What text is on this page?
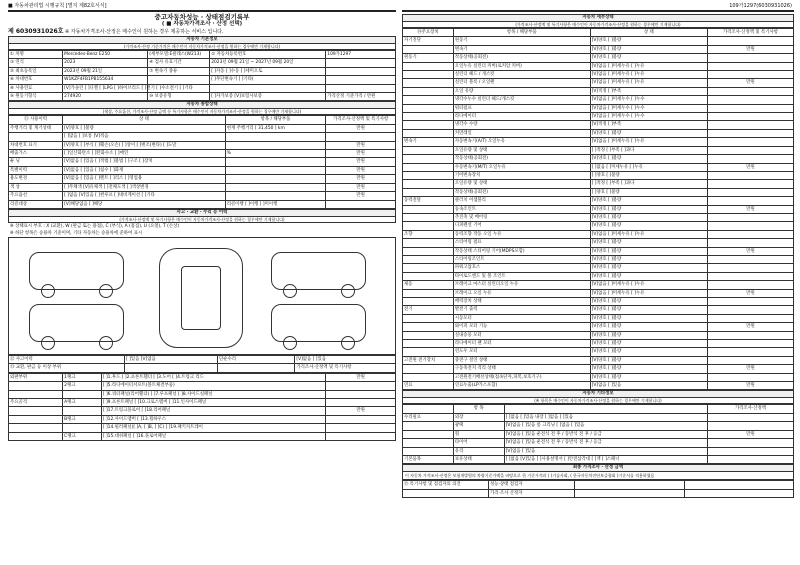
■ 자동차관리법 시행규칙 [별지 제82호서식]	109가1297(6030931026)
중고자동차성능 · 상태점검기록부
( ■ 자동차가격조사 · 산정 선택)
제 6030931026호 ※ 자동차가격조사·산정은 매수인이 원하는 경우 제공하는 서비스 입니다.
자동차 기본정보
(가격조사·산정 기준가격은 매수인이 자동차가격조사·산정을 원하는 경우에만 기재합니다)
① 차명	Mercedes-Benz E250	(세부모델:E클래스(W213)	② 자동차등록번호	109가1297
③ 연식	2023	④ 검사 유효기간	2023년 09월 21일 ~ 2027년 09월 20일	
⑤ 최초등록일	2023년 09월 21일	⑦ 변속기 종류	[ ]자동 [ ]수동 [ ]세미오토	
⑥ 차대번호	W1KZF4FB1PB155634		[ ]무단변속기 [ ]기타(	
⑧ 사용연료	[V]가솔린 [ ]디젤 [ ]LPG [ ]하이브리드 [ ]전기 [ ]수소전기 [ ]기타			
⑨ 원동기형식	274920	⑩ 보증유형	[ ]자가보증 [V]보험사보증	가격산정 기준가격 / 만원
자동차 종합상태
(색상, 주요옵션, 가격조사·산정 금액 등 특기사항은 매수인이 자동차가격조사·산정을 원하는 경우에만 기재합니다)
⑪ 사용이력	상 태	항목 / 해당부품	가격조사·산정액 및 특기사항
주행거리 및 계기상태	[V]양호 [ ]불량	현재 주행거리 [ 31,450 ] km	만원
	[ ]많음 [ ]보통 [V]적음		
차대번호 표기	[V]양호 [ ]부식 [ ]훼손(오손) [ ]상이 [ ]변조(변타) [ ]도말		만원
배출가스	[ ]일산화탄소 [ ]탄화수소 [ ]매연	%	만원
튜 닝	[V]없음 [ ]있음 [ ]적법 [ ]불법 [ ]구조 [ ]장치		만원
특별이력	[V]없음 [ ]있음 [ ]침수 [ ]화재		만원
용도변경	[V]없음 [ ]있음 [ ]렌트 [ ]리스 [ ]영업용		만원
색 상	[ ]무채색 [V]유채색 [ ]전체도색 [ ]색상변경		만원
주요옵션	[ ]없음 [V]있음 [ ]썬루프 [ ]네비게이션 [ ]기타		만원
리콜대상	[V]해당없음 [ ]해당	리콜이행 [ ]이행 [ ]미이행	
사고 · 교환 · 수리 등 이력
(가격조사·산정액 및 특기사항은 매수인이 자동차가격조사·산정을 원하는 경우에만 기재합니다)
※ 상태표시 부호 : X (교환), W (판금 또는 용접), C (부식), A (흠집), U (요철), T (손상)
※ 하단 항목은 승용차 기준이며, 기타 자동차는 승용차에 준하여 표시
⑫ 사고이력	[ ]있음 [V]없음	단순수리	[V]없음 [ ]있음
⑬ 교환, 판금 등 이상 부위			가격조사·산정액 및 특기사항
외판부위	1랭크	[ ]1.후드 [ ]2.프론트휀더 [ ]3.도어 [ ]4.트렁크 리드	만원	
	2랭크	[ ]5.라디에이터서포트(볼트체결부품)		
		[ ]6.쿼터패널(리어휀더) [ ]7.루프패널 [ ]8.사이드실패널		
주요골격	A랭크	[ ]9.프론트패널 [ ]10.크로스멤버 [ ]11.인사이드패널		
		[ ]17.트렁크플로어 [ ]18.리어패널	만원	
	B랭크	[ ]12.사이드멤버 [ ]13.휠하우스		
		[ ]14.필러패널([ ]A, [ ]B, [ ]C) [ ]19.패키지트레이		
	C랭크	[ ]15.대쉬패널 [ ]16.플로어패널		
자동차 세부상태
(가격조사·산정액 및 특기사항은 매수인이 자동차가격조사·산정을 원하는 경우에만 기재합니다)
⑭주요장치	항목 / 해당부품	상 태	가격조사·산정액 및 특기사항
자기진단	원동기	[V]양호 [ ]불량	
	변속기	[V]양호 [ ]불량	만원
원동기	작동상태(공회전)	[V]양호 [ ]불량	
	오일누유 실린더 커버(로커암 커버)	[V]없음 [ ]미세누유 [ ]누유	
	실린더 헤드 / 개스킷	[V]없음 [ ]미세누유 [ ]누유	
	실린더 블록 / 오일팬	[V]없음 [ ]미세누유 [ ]누유	만원
	오일 유량	[V]적정 [ ]부족	
	냉각수누수 실린더 헤드/개스킷	[V]없음 [ ]미세누수 [ ]누수	
	워터펌프	[V]없음 [ ]미세누수 [ ]누수	
	라디에이터	[V]없음 [ ]미세누수 [ ]누수	
	냉각수 수량	[V]적정 [ ]부족	
	커먼레일	[V]양호 [ ]불량	
변속기	자동변속기(A/T) 오일누유	[V]없음 [ ]미세누유 [ ]누유	
	오일유량 및 상태	[ ]적정 [ ]부족 [ ]과다	
	작동상태(공회전)	[V]양호 [ ]불량	
	수동변속기(M/T) 오일누유	[ ]없음 [ ]미세누유 [ ]누유	만원
	기어변속장치	[ ]양호 [ ]불량	
	오일유량 및 상태	[ ]적정 [ ]부족 [ ]과다	
	작동상태(공회전)	[ ]양호 [ ]불량	
동력전달	클러치 어셈블리	[V]양호 [ ]불량	
	등속조인트	[V]양호 [ ]불량	만원
	추진축 및 베어링	[V]양호 [ ]불량	
	디퍼렌셜 기어	[V]양호 [ ]불량	
조향	동력조향 작동 오일 누유	[V]없음 [ ]미세누유 [ ]누유	
	스티어링 펌프	[V]양호 [ ]불량	
	작동상태 스티어링 기어(MDPS포함)	[V]양호 [ ]불량	만원
	스티어링조인트	[V]양호 [ ]불량	
	파워고압호스	[V]양호 [ ]불량	
	타이로드엔드 및 볼 조인트	[V]양호 [ ]불량	
제동	브레이크 마스터 실린더오일 누유	[V]없음 [ ]미세누유 [ ]누유	
	브레이크 오일 누유	[V]없음 [ ]미세누유 [ ]누유	만원
	배력장치 상태	[V]양호 [ ]불량	
전기	발전기 출력	[V]양호 [ ]불량	
	시동모터	[V]양호 [ ]불량	
	와이퍼 모터 기능	[V]양호 [ ]불량	만원
	실내송풍 모터	[V]양호 [ ]불량	
	라디에이터 팬 모터	[V]양호 [ ]불량	
	윈도우 모터	[V]양호 [ ]불량	
고전원 전기장치	충전구 절연 상태	[V]양호 [ ]불량	
	구동축전지 격리 상태	[V]양호 [ ]불량	만원
	고전원전기배선상태(접속단자,피복,보호기구)	[V]양호 [ ]불량	
연료	연료누출(LP가스포함)	[V]없음 [ ]있음	만원
자동차 기타정보
(※ 항목은 매수인이 자동차가격조사·산정을 원하는 경우에만 기재합니다)
	항 목		가격조사·산정액
수리필요	외장	[ ]없음 [ ]있음 내장 [ ]없음 [ ]있음	
	광택	[V]없음 [ ]있음 룸 크리닝 [ ]없음 [ ]있음	
	휠	[V]없음 [ ]있음 운전석 전 후 / 동반석 전 후 / 응급	만원
	타이어	[V]없음 [ ]있음 운전석 전 후 / 동반석 전 후 / 응급	
	유리	[V]없음 [ ]있음	
기본품목	보유상태	[ ]없음 [V]있음 [ ]사용설명서 [ ]안전삼각대 [ ]잭 [ ]스패너	
최종 가격조사 · 산정 금액
이 자동차 가격조사·산정은 보험개발원의 차량기준가액을 바탕으로 한 기준가격과 ( )기술사회, ( 한국자동차진단보증협회 )기준서를 적용하였음
⑮ 특기사항 및 점검자의 의견	성능·상태 점검자		
	가격·조사 산정자		
